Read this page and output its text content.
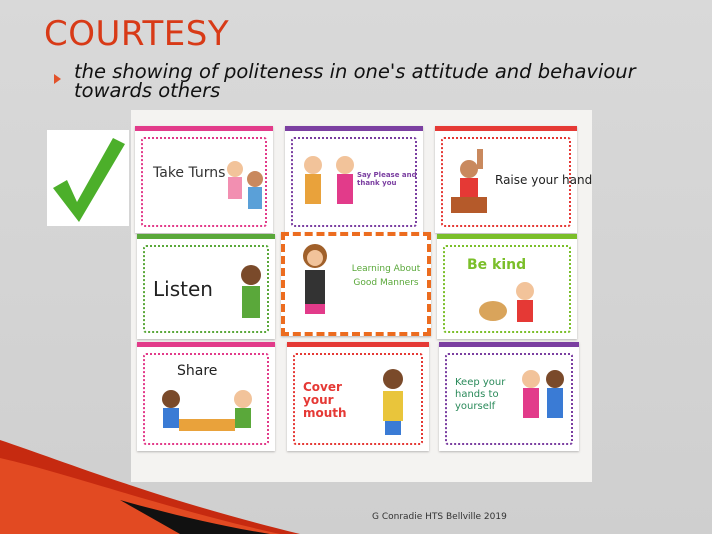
COURTESY
the showing of politeness in one's attitude and behaviour towards others
Take Turns	Say Please and thank you	Raise your hand
Listen
Learning About Good Manners
Be kind
Share
Cover your mouth
Keep your hands to yourself
G Conradie HTS Bellville 2019
